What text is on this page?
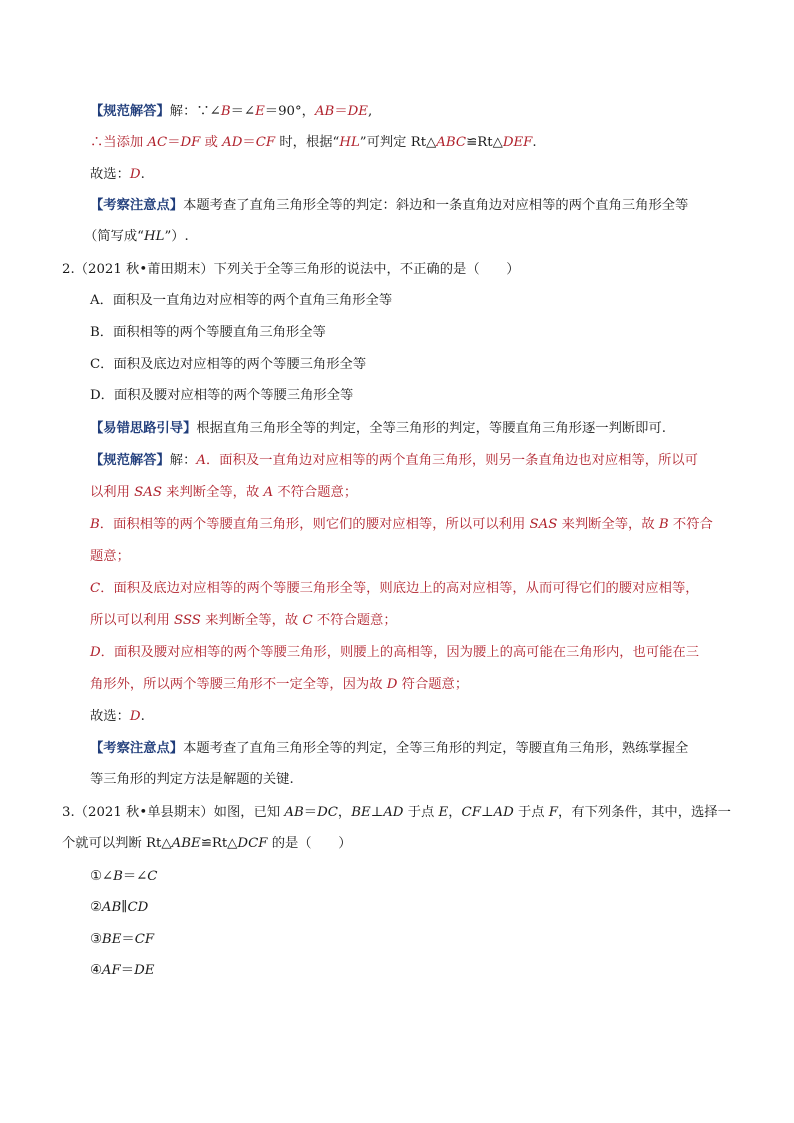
【规范解答】解：∵∠B＝∠E＝90°，AB＝DE,
∴当添加 AC＝DF 或 AD＝CF 时，根据“HL”可判定 Rt△ABC≌Rt△DEF.
故选：D.
【考察注意点】本题考查了直角三角形全等的判定：斜边和一条直角边对应相等的两个直角三角形全等
（简写成“HL”）.
2.（2021 秋•莆田期末）下列关于全等三角形的说法中，不正确的是（　　）
A．面积及一直角边对应相等的两个直角三角形全等
B．面积相等的两个等腰直角三角形全等
C．面积及底边对应相等的两个等腰三角形全等
D．面积及腰对应相等的两个等腰三角形全等
【易错思路引导】根据直角三角形全等的判定，全等三角形的判定，等腰直角三角形逐一判断即可.
【规范解答】解：A．面积及一直角边对应相等的两个直角三角形，则另一条直角边也对应相等，所以可
以利用 SAS 来判断全等，故 A 不符合题意；
B．面积相等的两个等腰直角三角形，则它们的腰对应相等，所以可以利用 SAS 来判断全等，故 B 不符合
题意；
C．面积及底边对应相等的两个等腰三角形全等，则底边上的高对应相等，从而可得它们的腰对应相等，
所以可以利用 SSS 来判断全等，故 C 不符合题意；
D．面积及腰对应相等的两个等腰三角形，则腰上的高相等，因为腰上的高可能在三角形内，也可能在三
角形外，所以两个等腰三角形不一定全等，因为故 D 符合题意；
故选：D.
【考察注意点】本题考查了直角三角形全等的判定，全等三角形的判定，等腰直角三角形，熟练掌握全
等三角形的判定方法是解题的关键.
3.（2021 秋•单县期末）如图，已知 AB＝DC，BE⊥AD 于点 E，CF⊥AD 于点 F，有下列条件，其中，选择一
个就可以判断 Rt△ABE≌Rt△DCF 的是（　　）
①∠B＝∠C
②AB∥CD
③BE＝CF
④AF＝DE
